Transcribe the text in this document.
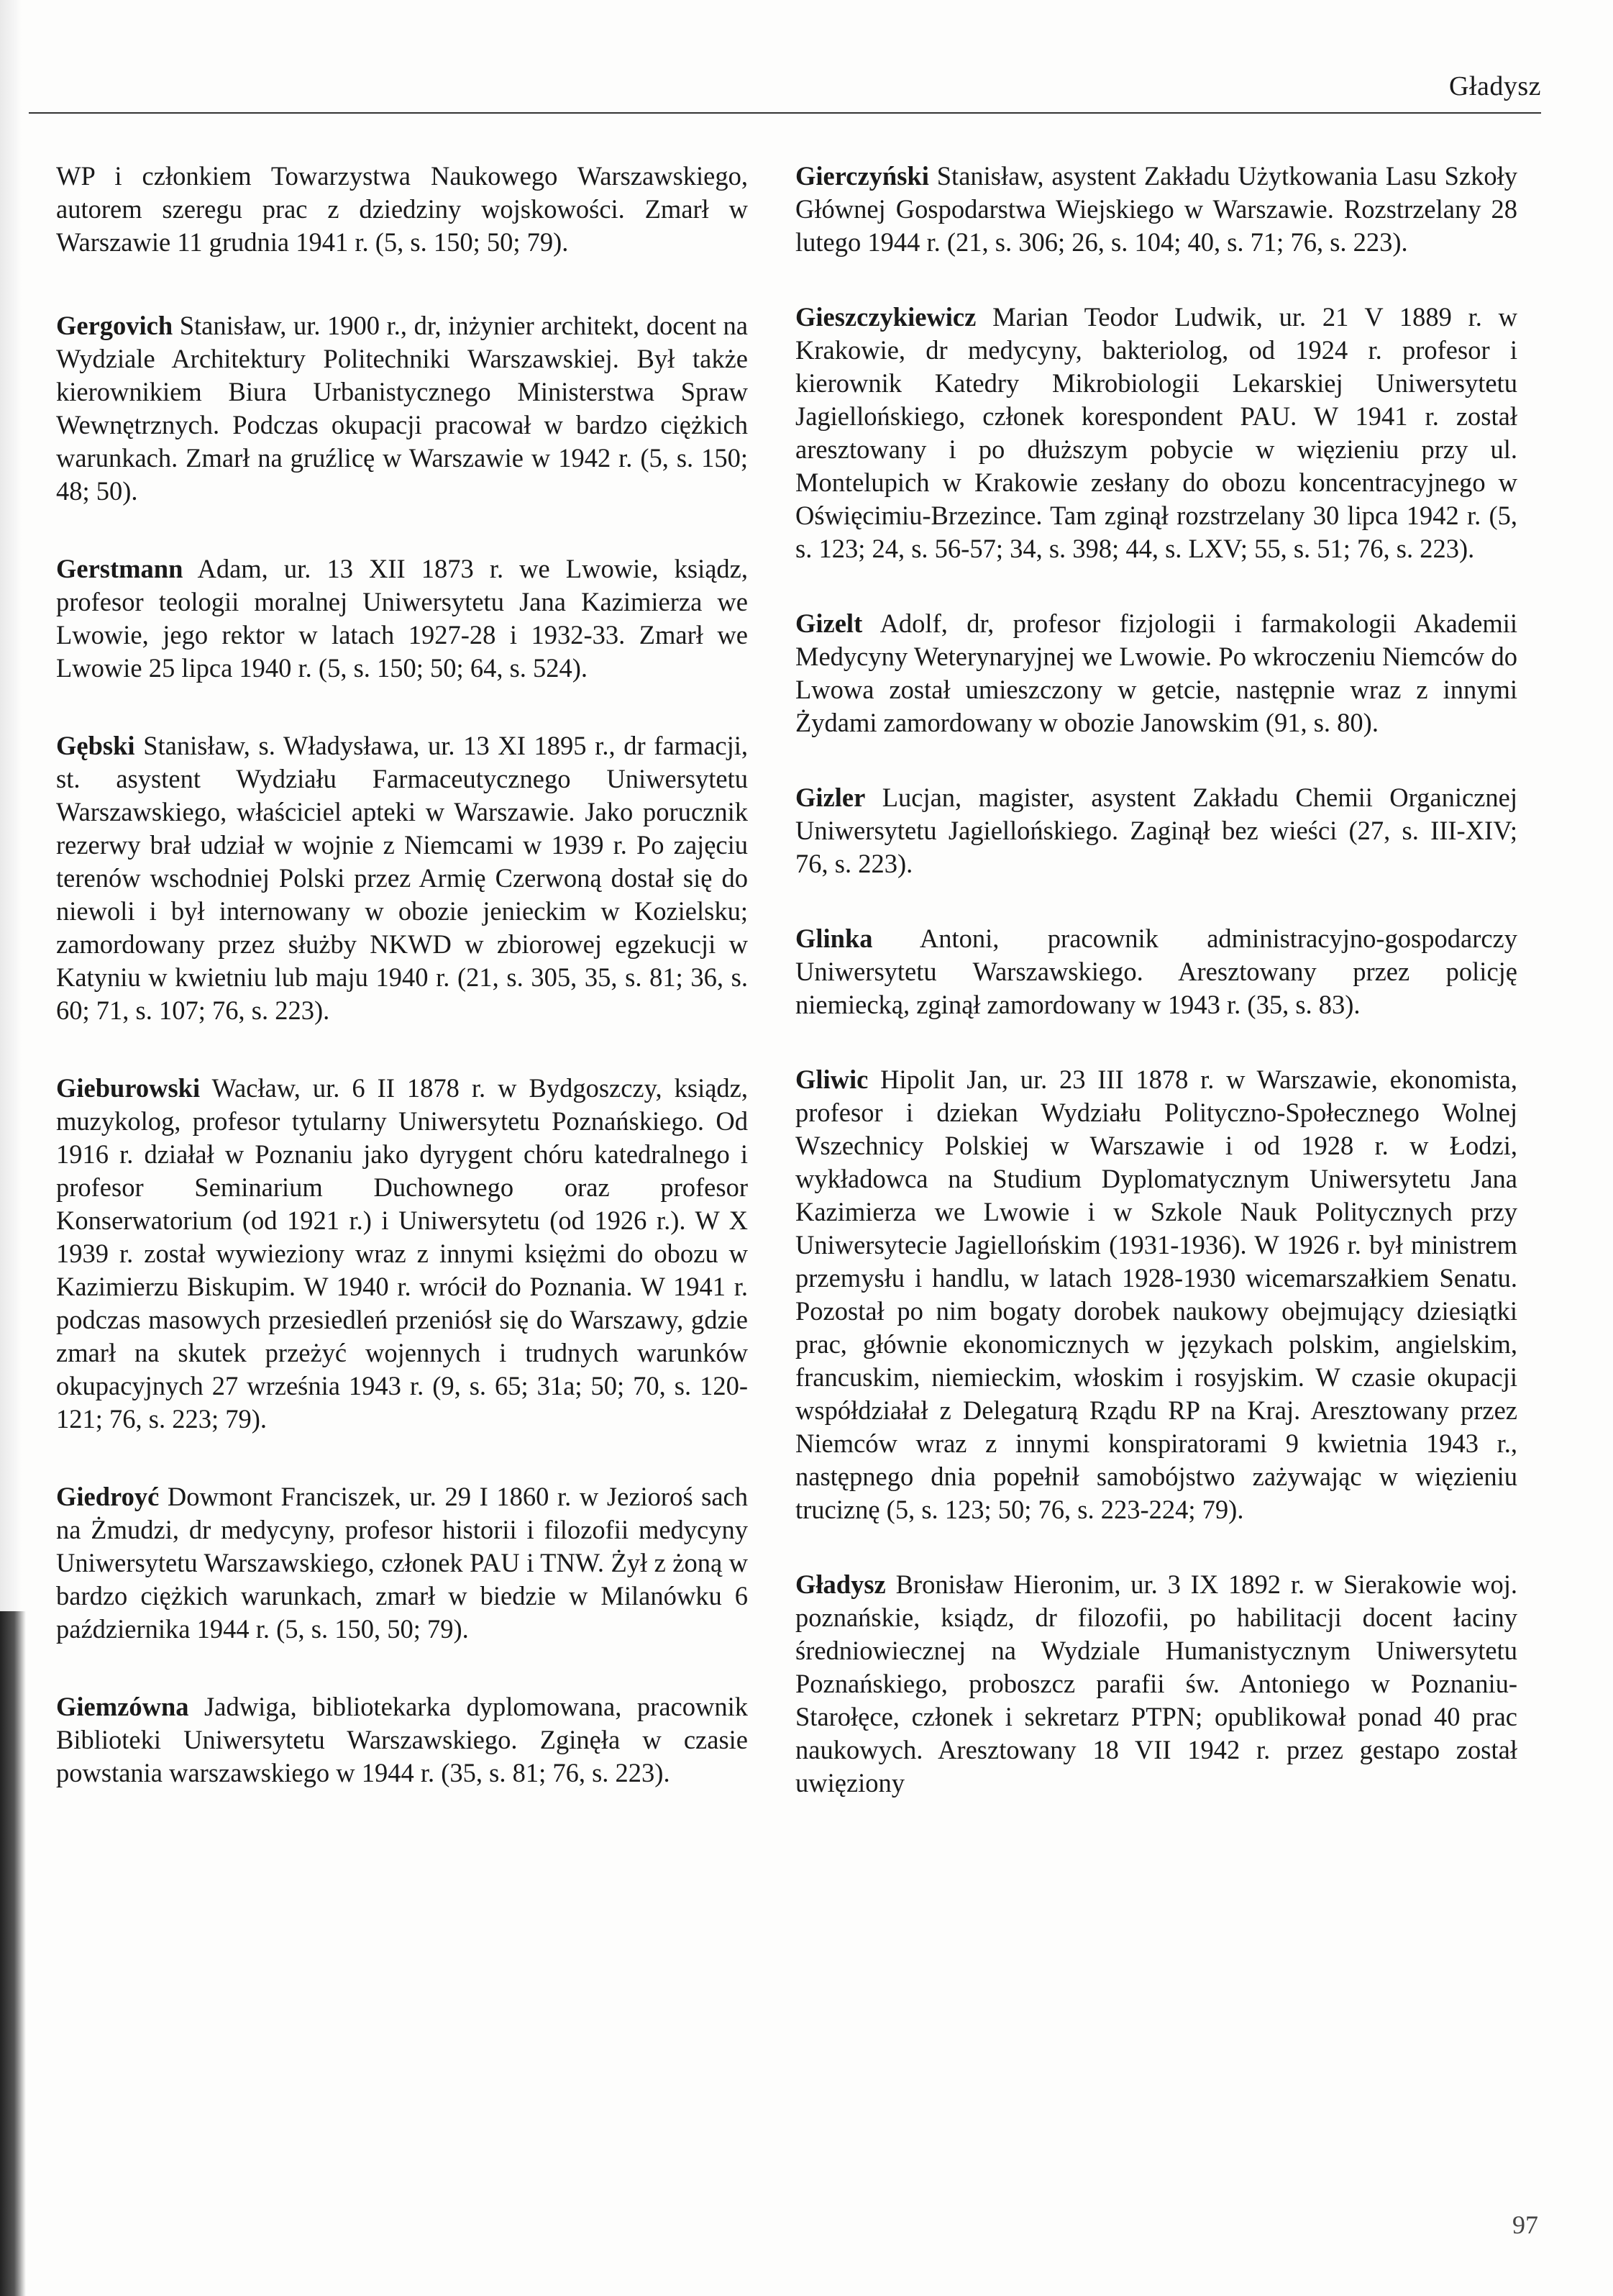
Gładysz

WP i członkiem Towarzystwa Naukowego Warszawskiego, autorem szeregu prac z dziedziny wojskowości. Zmarł w Warszawie 11 grudnia 1941 r. (5, s. 150; 50; 79).

Gergovich Stanisław, ur. 1900 r., dr, inżynier architekt, docent na Wydziale Architektury Politechniki Warszawskiej. Był także kierownikiem Biura Urbanistycznego Ministerstwa Spraw Wewnętrznych. Podczas okupacji pracował w bardzo ciężkich warunkach. Zmarł na gruźlicę w Warszawie w 1942 r. (5, s. 150; 48; 50).

Gerstmann Adam, ur. 13 XII 1873 r. we Lwowie, ksiądz, profesor teologii moralnej Uniwersytetu Jana Kazimierza we Lwowie, jego rektor w latach 1927-28 i 1932-33. Zmarł we Lwowie 25 lipca 1940 r. (5, s. 150; 50; 64, s. 524).

Gębski Stanisław, s. Władysława, ur. 13 XI 1895 r., dr farmacji, st. asystent Wydziału Farmaceutycznego Uniwersytetu Warszawskiego, właściciel apteki w Warszawie. Jako porucznik rezerwy brał udział w wojnie z Niemcami w 1939 r. Po zajęciu terenów wschodniej Polski przez Armię Czerwoną dostał się do niewoli i był internowany w obozie jenieckim w Kozielsku; zamordowany przez służby NKWD w zbiorowej egzekucji w Katyniu w kwietniu lub maju 1940 r. (21, s. 305, 35, s. 81; 36, s. 60; 71, s. 107; 76, s. 223).

Gieburowski Wacław, ur. 6 II 1878 r. w Bydgoszczy, ksiądz, muzykolog, profesor tytularny Uniwersytetu Poznańskiego. Od 1916 r. działał w Poznaniu jako dyrygent chóru katedralnego i profesor Seminarium Duchownego oraz profesor Konserwatorium (od 1921 r.) i Uniwersytetu (od 1926 r.). W X 1939 r. został wywieziony wraz z innymi księżmi do obozu w Kazimierzu Biskupim. W 1940 r. wrócił do Poznania. W 1941 r. podczas masowych przesiedleń przeniósł się do Warszawy, gdzie zmarł na skutek przeżyć wojennych i trudnych warunków okupacyjnych 27 września 1943 r. (9, s. 65; 31a; 50; 70, s. 120-121; 76, s. 223; 79).

Giedroyć Dowmont Franciszek, ur. 29 I 1860 r. w Jezioroś sach na Żmudzi, dr medycyny, profesor historii i filozofii medycyny Uniwersytetu Warszawskiego, członek PAU i TNW. Żył z żoną w bardzo ciężkich warunkach, zmarł w biedzie w Milanówku 6 października 1944 r. (5, s. 150, 50; 79).

Giemzówna Jadwiga, bibliotekarka dyplomowana, pracownik Biblioteki Uniwersytetu Warszawskiego. Zginęła w czasie powstania warszawskiego w 1944 r. (35, s. 81; 76, s. 223).

Gierczyński Stanisław, asystent Zakładu Użytkowania Lasu Szkoły Głównej Gospodarstwa Wiejskiego w Warszawie. Rozstrzelany 28 lutego 1944 r. (21, s. 306; 26, s. 104; 40, s. 71; 76, s. 223).

Gieszczykiewicz Marian Teodor Ludwik, ur. 21 V 1889 r. w Krakowie, dr medycyny, bakteriolog, od 1924 r. profesor i kierownik Katedry Mikrobiologii Lekarskiej Uniwersytetu Jagiellońskiego, członek korespondent PAU. W 1941 r. został aresztowany i po dłuższym pobycie w więzieniu przy ul. Montelupich w Krakowie zesłany do obozu koncentracyjnego w Oświęcimiu-Brzezince. Tam zginął rozstrzelany 30 lipca 1942 r. (5, s. 123; 24, s. 56-57; 34, s. 398; 44, s. LXV; 55, s. 51; 76, s. 223).

Gizelt Adolf, dr, profesor fizjologii i farmakologii Akademii Medycyny Weterynaryjnej we Lwowie. Po wkroczeniu Niemców do Lwowa został umieszczony w getcie, następnie wraz z innymi Żydami zamordowany w obozie Janowskim (91, s. 80).

Gizler Lucjan, magister, asystent Zakładu Chemii Organicznej Uniwersytetu Jagiellońskiego. Zaginął bez wieści (27, s. III-XIV; 76, s. 223).

Glinka Antoni, pracownik administracyjno-gospodarczy Uniwersytetu Warszawskiego. Aresztowany przez policję niemiecką, zginął zamordowany w 1943 r. (35, s. 83).

Gliwic Hipolit Jan, ur. 23 III 1878 r. w Warszawie, ekonomista, profesor i dziekan Wydziału Polityczno-Społecznego Wolnej Wszechnicy Polskiej w Warszawie i od 1928 r. w Łodzi, wykładowca na Studium Dyplomatycznym Uniwersytetu Jana Kazimierza we Lwowie i w Szkole Nauk Politycznych przy Uniwersytecie Jagiellońskim (1931-1936). W 1926 r. był ministrem przemysłu i handlu, w latach 1928-1930 wicemarszałkiem Senatu. Pozostał po nim bogaty dorobek naukowy obejmujący dziesiątki prac, głównie ekonomicznych w językach polskim, angielskim, francuskim, niemieckim, włoskim i rosyjskim. W czasie okupacji współdziałał z Delegaturą Rządu RP na Kraj. Aresztowany przez Niemców wraz z innymi konspiratorami 9 kwietnia 1943 r., następnego dnia popełnił samobójstwo zażywając w więzieniu truciznę (5, s. 123; 50; 76, s. 223-224; 79).

Gładysz Bronisław Hieronim, ur. 3 IX 1892 r. w Sierakowie woj. poznańskie, ksiądz, dr filozofii, po habilitacji docent łaciny średniowiecznej na Wydziale Humanistycznym Uniwersytetu Poznańskiego, proboszcz parafii św. Antoniego w Poznaniu-Starołęce, członek i sekretarz PTPN; opublikował ponad 40 prac naukowych. Aresztowany 18 VII 1942 r. przez gestapo został uwięziony

97
